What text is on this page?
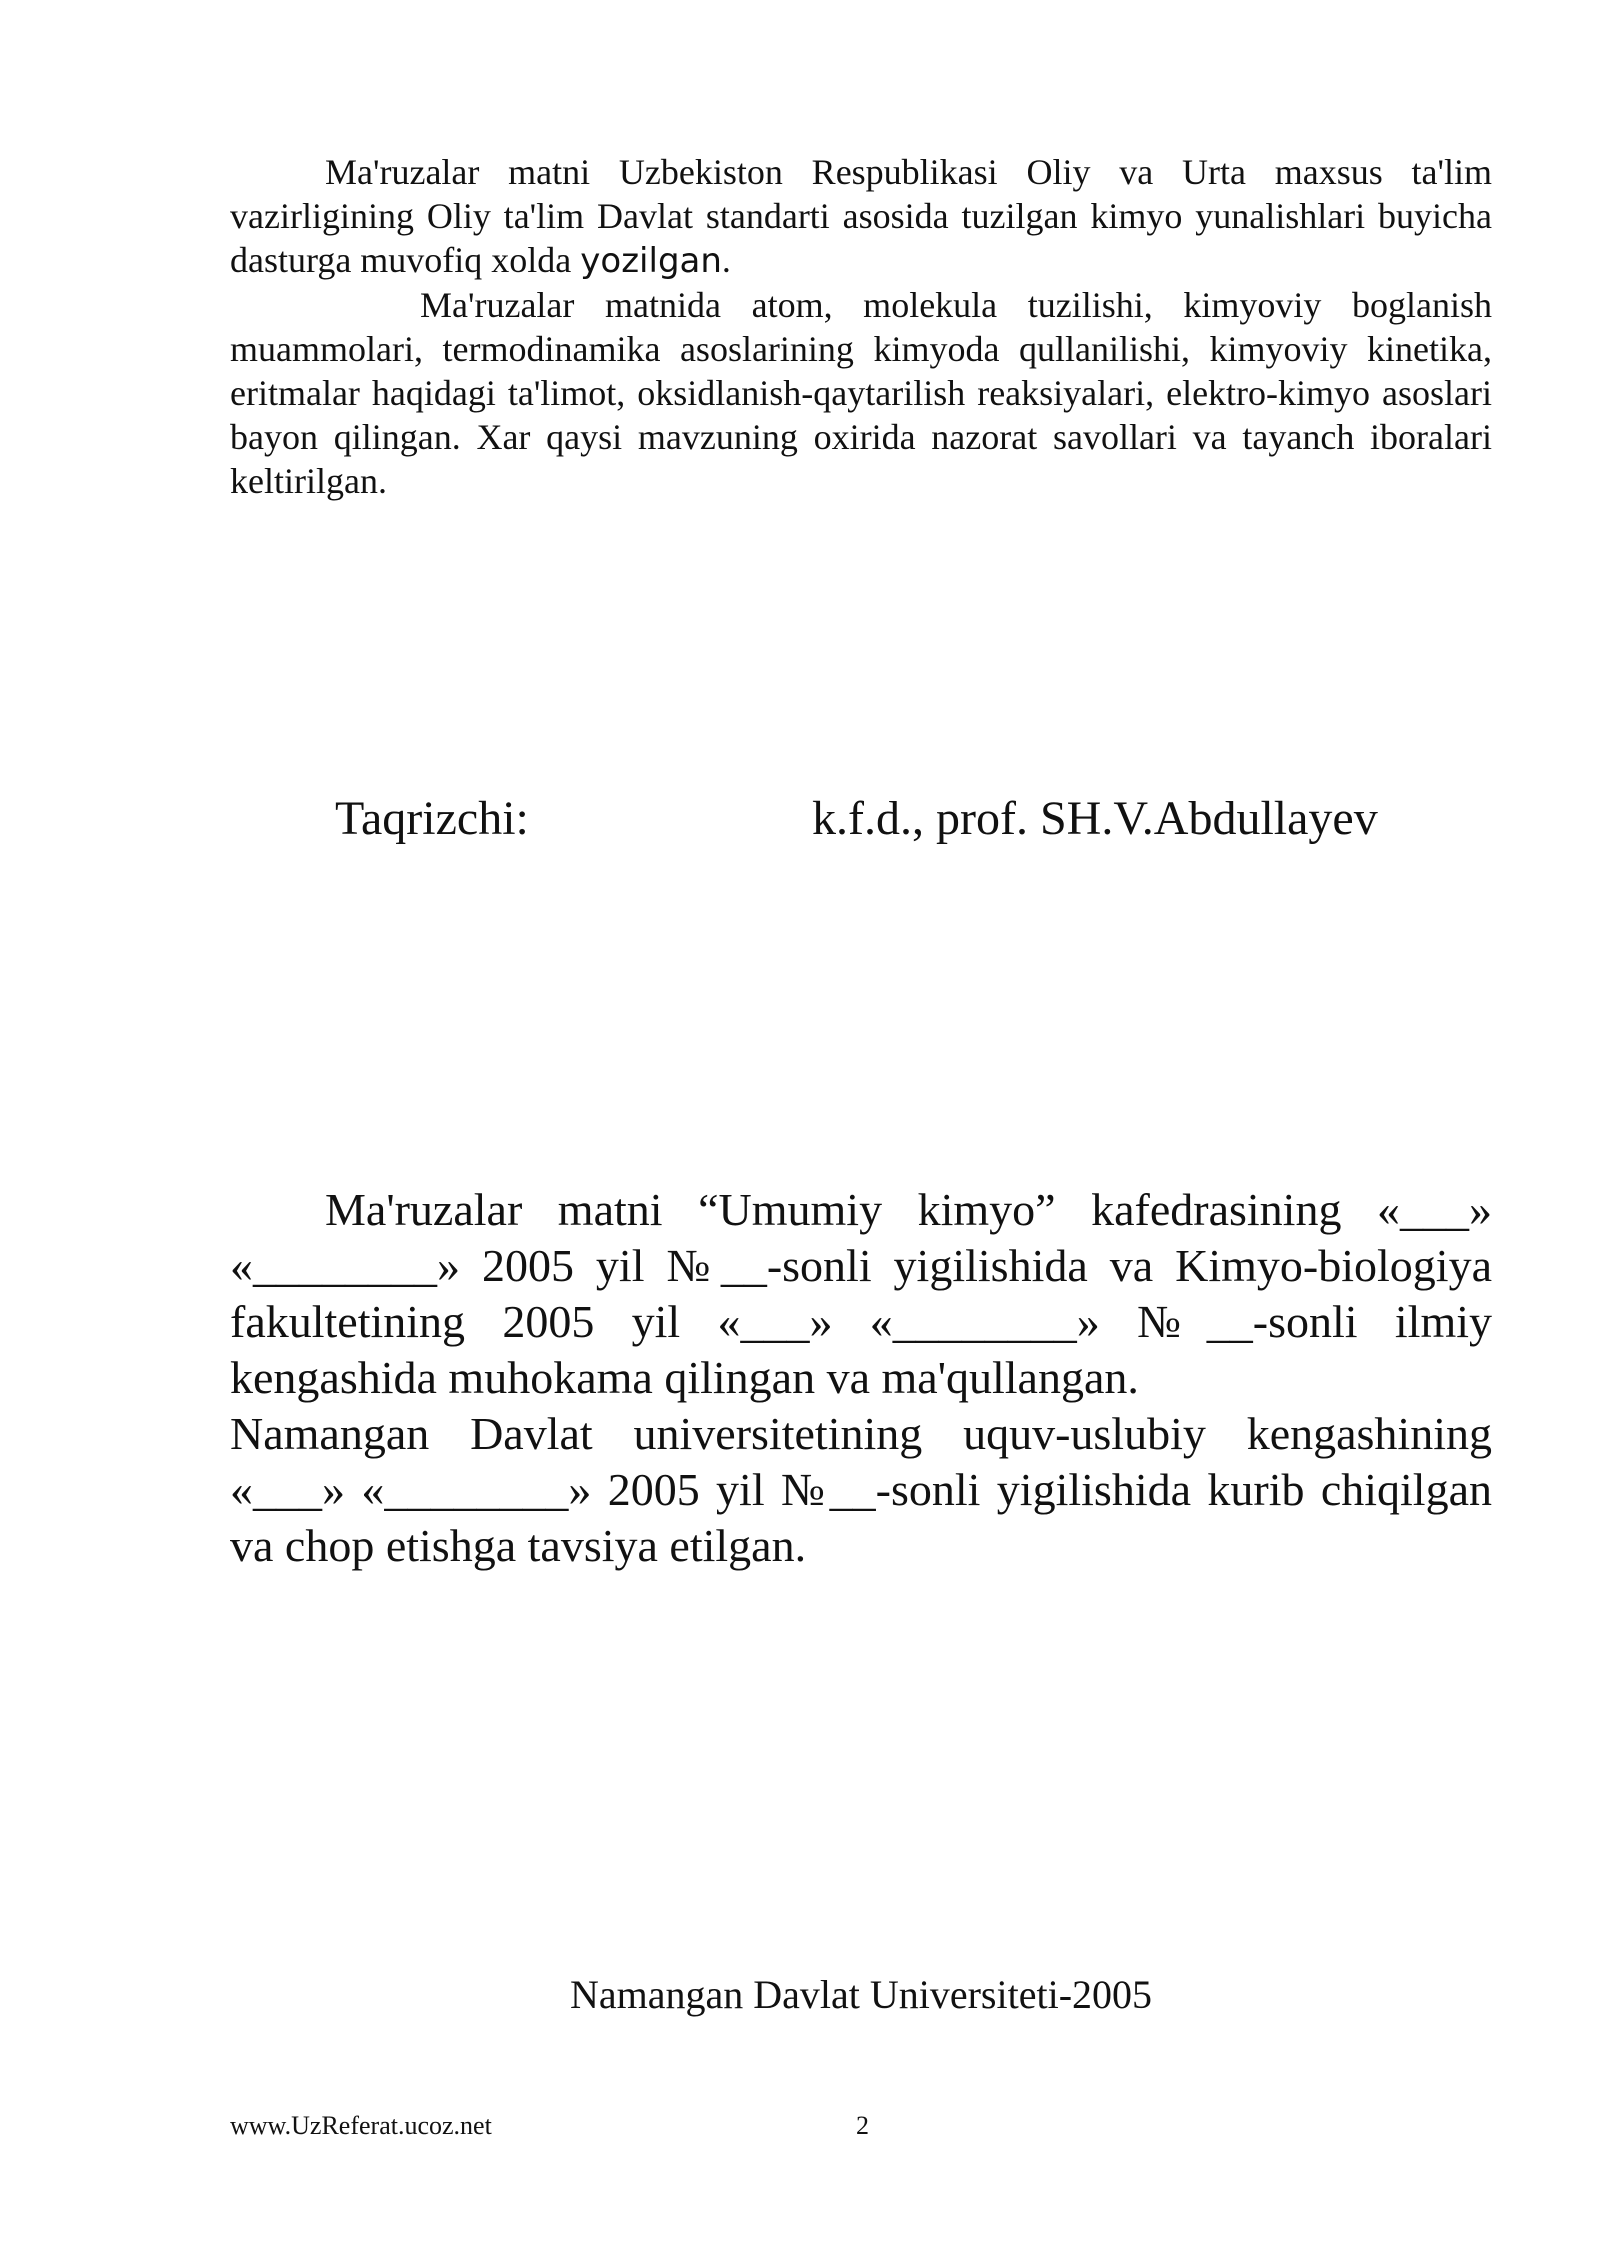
Ma'ruzalar matni Uzbekiston Respublikasi Oliy va Urta maxsus ta'lim vazirligining Oliy ta'lim Davlat standarti asosida tuzilgan kimyo yunalishlari buyicha dasturga muvofiq xolda yozilgan.

Ma'ruzalar matnida atom, molekula tuzilishi, kimyoviy boglanish muammolari, termodinamika asoslarining kimyoda qullanilishi, kimyoviy kinetika, eritmalar haqidagi ta'limot, oksidlanish-qaytarilish reaksiyalari, elektro-kimyo asoslari bayon qilingan. Xar qaysi mavzuning oxirida nazorat savollari va tayanch iboralari keltirilgan.

Taqrizchi:	k.f.d., prof. SH.V.Abdullayev

Ma'ruzalar matni “Umumiy kimyo” kafedrasining «___» «________» 2005 yil №__-sonli yigilishida va Kimyo-biologiya fakultetining 2005 yil «___» «________» №__-sonli ilmiy kengashida muhokama qilingan va ma'qullangan.

Namangan Davlat universitetining uquv-uslubiy kengashining «___» «________» 2005 yil №__-sonli yigilishida kurib chiqilgan va chop etishga tavsiya etilgan.

Namangan Davlat Universiteti-2005

www.UzReferat.ucoz.net	2
